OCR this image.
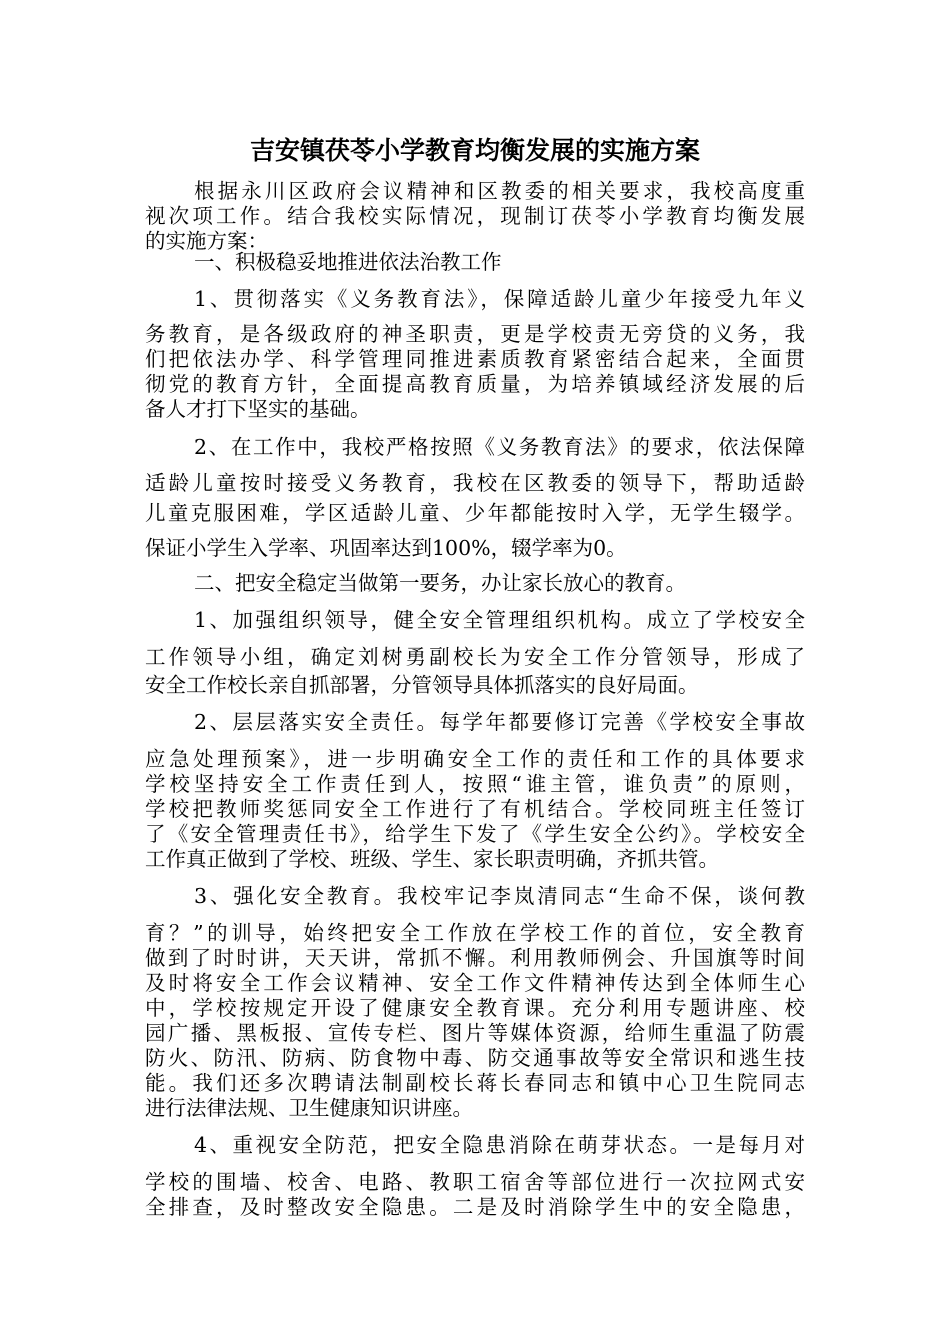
吉安镇茯苓小学教育均衡发展的实施方案
根据永川区政府会议精神和区教委的相关要求，我校高度重
视次项工作。结合我校实际情况，现制订茯苓小学教育均衡发展
的实施方案：
一、积极稳妥地推进依法治教工作
1、贯彻落实《义务教育法》，保障适龄儿童少年接受九年义
务教育，是各级政府的神圣职责，更是学校责无旁贷的义务，我
们把依法办学、科学管理同推进素质教育紧密结合起来，全面贯
彻党的教育方针，全面提高教育质量，为培养镇域经济发展的后
备人才打下坚实的基础。
2、在工作中，我校严格按照《义务教育法》的要求，依法保障
适龄儿童按时接受义务教育，我校在区教委的领导下，帮助适龄
儿童克服困难，学区适龄儿童、少年都能按时入学，无学生辍学。
保证小学生入学率、巩固率达到100%，辍学率为0。
二、把安全稳定当做第一要务，办让家长放心的教育。
1、加强组织领导，健全安全管理组织机构。成立了学校安全
工作领导小组，确定刘树勇副校长为安全工作分管领导，形成了
安全工作校长亲自抓部署，分管领导具体抓落实的良好局面。
2、层层落实安全责任。每学年都要修订完善《学校安全事故
应急处理预案》，进一步明确安全工作的责任和工作的具体要求
学校坚持安全工作责任到人，按照“谁主管，谁负责”的原则，
学校把教师奖惩同安全工作进行了有机结合。学校同班主任签订
了《安全管理责任书》，给学生下发了《学生安全公约》。学校安全
工作真正做到了学校、班级、学生、家长职责明确，齐抓共管。
3、强化安全教育。我校牢记李岚清同志“生命不保，谈何教
育？”的训导，始终把安全工作放在学校工作的首位，安全教育
做到了时时讲，天天讲，常抓不懈。利用教师例会、升国旗等时间
及时将安全工作会议精神、安全工作文件精神传达到全体师生心
中，学校按规定开设了健康安全教育课。充分利用专题讲座、校
园广播、黑板报、宣传专栏、图片等媒体资源，给师生重温了防震
防火、防汛、防病、防食物中毒、防交通事故等安全常识和逃生技
能。我们还多次聘请法制副校长蒋长春同志和镇中心卫生院同志
进行法律法规、卫生健康知识讲座。
4、重视安全防范，把安全隐患消除在萌芽状态。一是每月对
学校的围墙、校舍、电路、教职工宿舍等部位进行一次拉网式安
全排查，及时整改安全隐患。二是及时消除学生中的安全隐患，
